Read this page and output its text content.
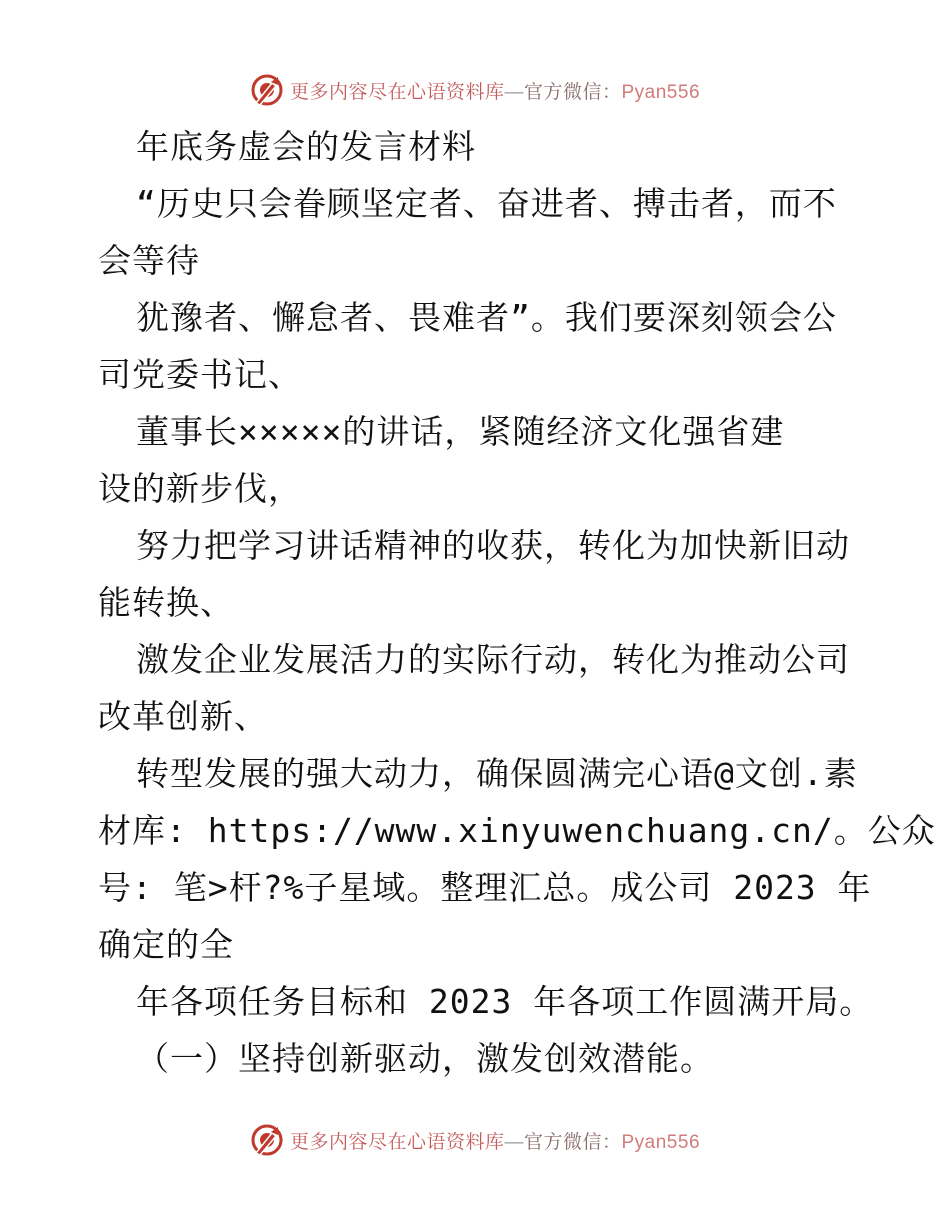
更多内容尽在心语资料库—官方微信：Pyan556
年底务虚会的发言材料
“历史只会眷顾坚定者、奋进者、搏击者，而不
会等待
犹豫者、懈怠者、畏难者”。我们要深刻领会公
司党委书记、
董事长×××××的讲话，紧随经济文化强省建
设的新步伐，
努力把学习讲话精神的收获，转化为加快新旧动
能转换、
激发企业发展活力的实际行动，转化为推动公司
改革创新、
转型发展的强大动力，确保圆满完心语@文创.素
材库: https://www.xinyuwenchuang.cn/。公众
号: 笔>杆?%子星域。整理汇总。成公司 2023 年
确定的全
年各项任务目标和 2023 年各项工作圆满开局。
（一）坚持创新驱动，激发创效潜能。
更多内容尽在心语资料库—官方微信：Pyan556
